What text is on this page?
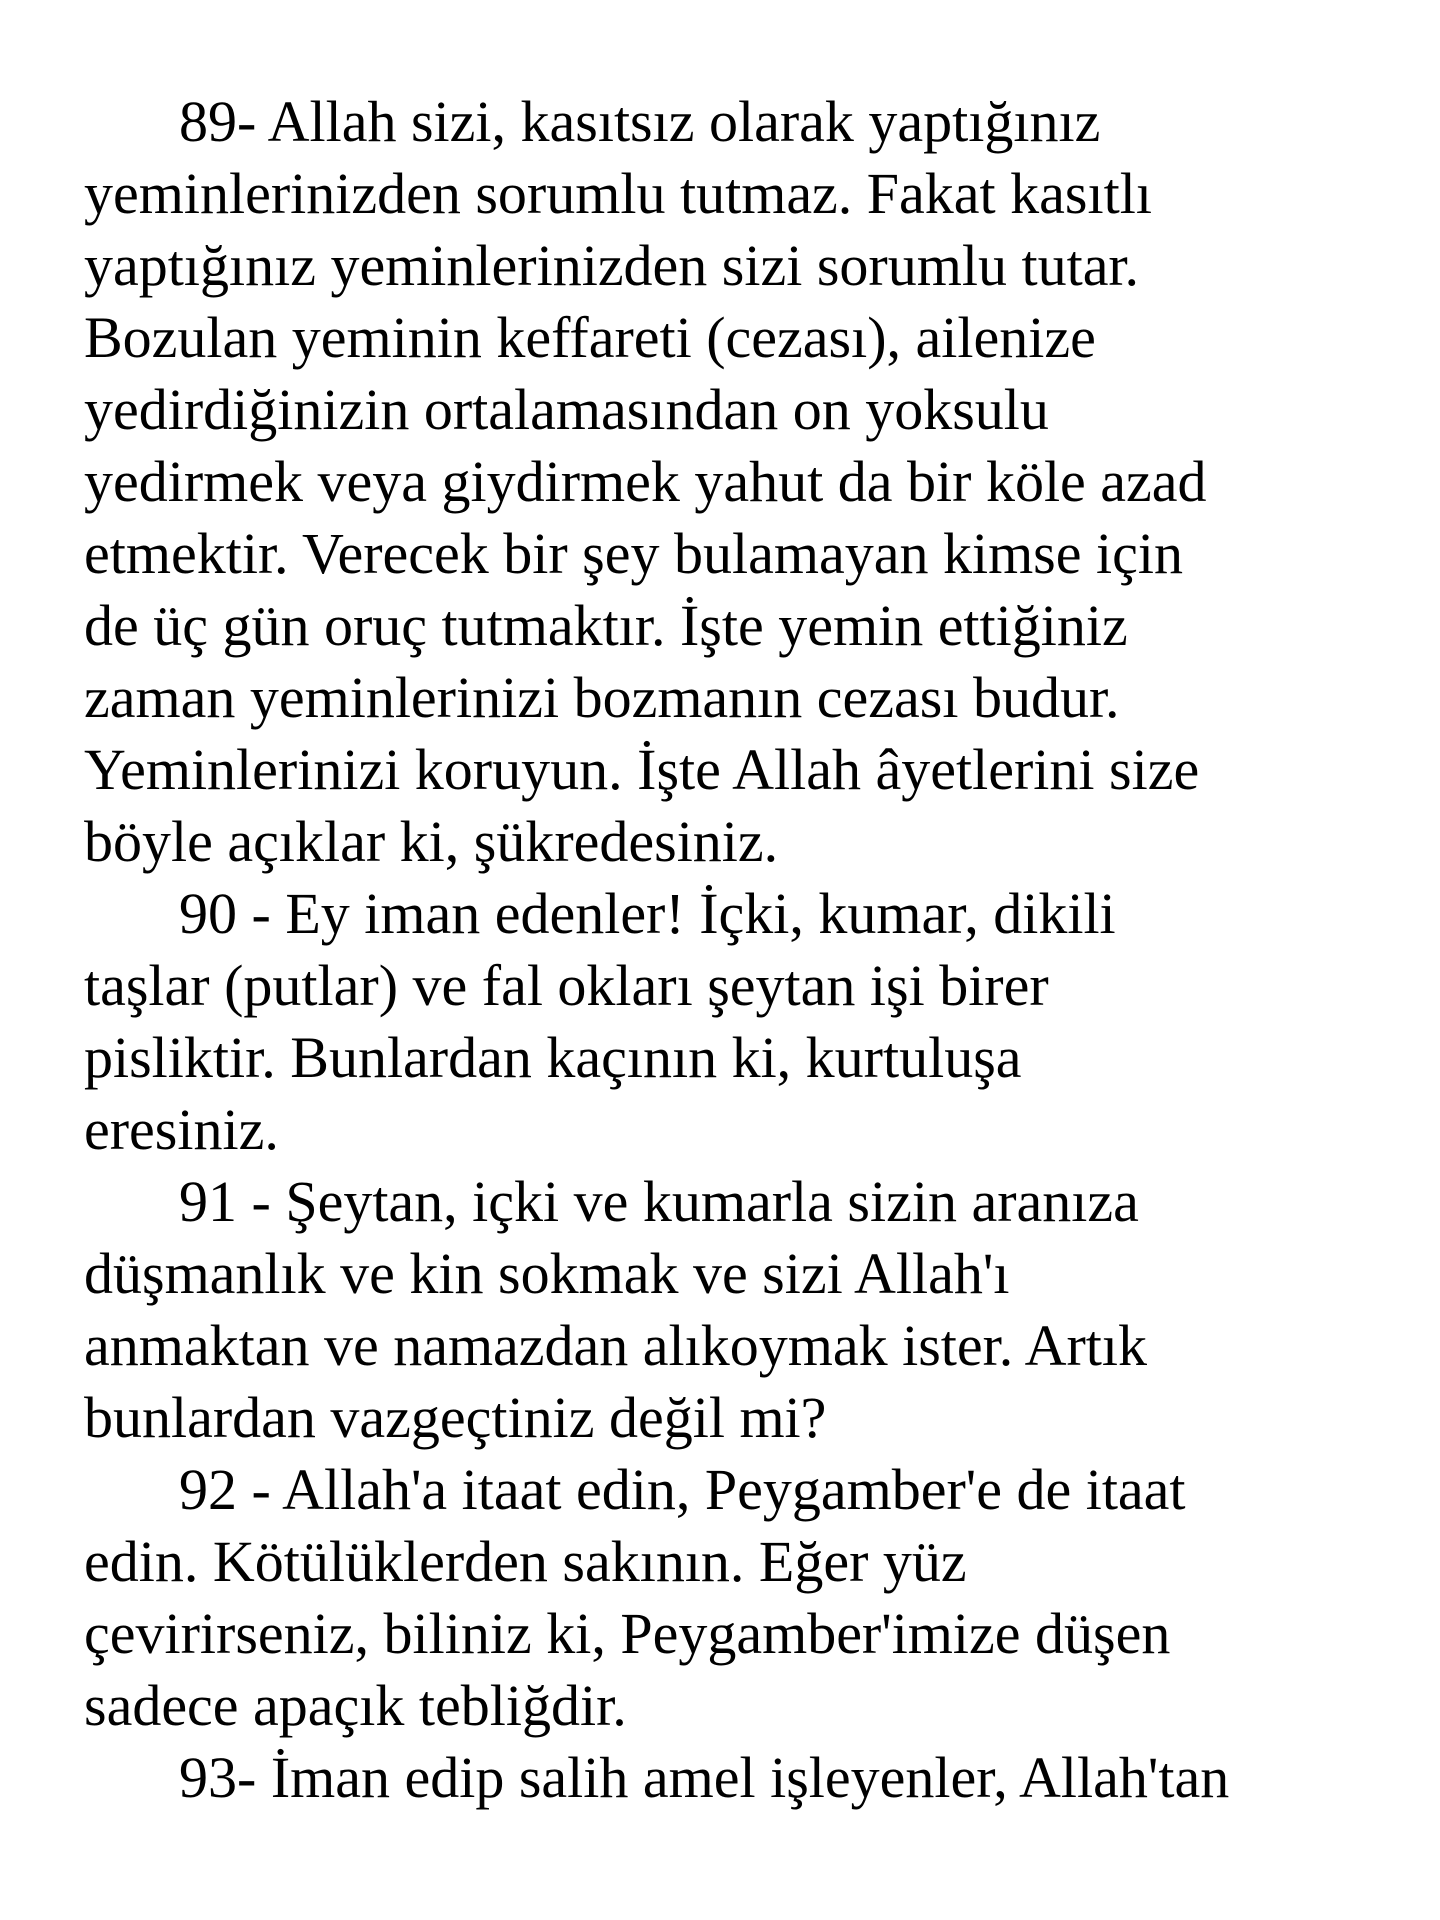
89- Allah sizi, kasıtsız olarak yaptığınız
yeminlerinizden sorumlu tutmaz. Fakat kasıtlı
yaptığınız yeminlerinizden sizi sorumlu tutar.
Bozulan yeminin keffareti (cezası), ailenize
yedirdiğinizin ortalamasından on yoksulu
yedirmek veya giydirmek yahut da bir köle azad
etmektir. Verecek bir şey bulamayan kimse için
de üç gün oruç tutmaktır. İşte yemin ettiğiniz
zaman yeminlerinizi bozmanın cezası budur.
Yeminlerinizi koruyun. İşte Allah âyetlerini size
böyle açıklar ki, şükredesiniz.
90 - Ey iman edenler! İçki, kumar, dikili
taşlar (putlar) ve fal okları şeytan işi birer
pisliktir. Bunlardan kaçının ki, kurtuluşa
eresiniz.
91 - Şeytan, içki ve kumarla sizin aranıza
düşmanlık ve kin sokmak ve sizi Allah'ı
anmaktan ve namazdan alıkoymak ister. Artık
bunlardan vazgeçtiniz değil mi?
92 - Allah'a itaat edin, Peygamber'e de itaat
edin. Kötülüklerden sakının. Eğer yüz
çevirirseniz, biliniz ki, Peygamber'imize düşen
sadece apaçık tebliğdir.
93- İman edip salih amel işleyenler, Allah'tan
